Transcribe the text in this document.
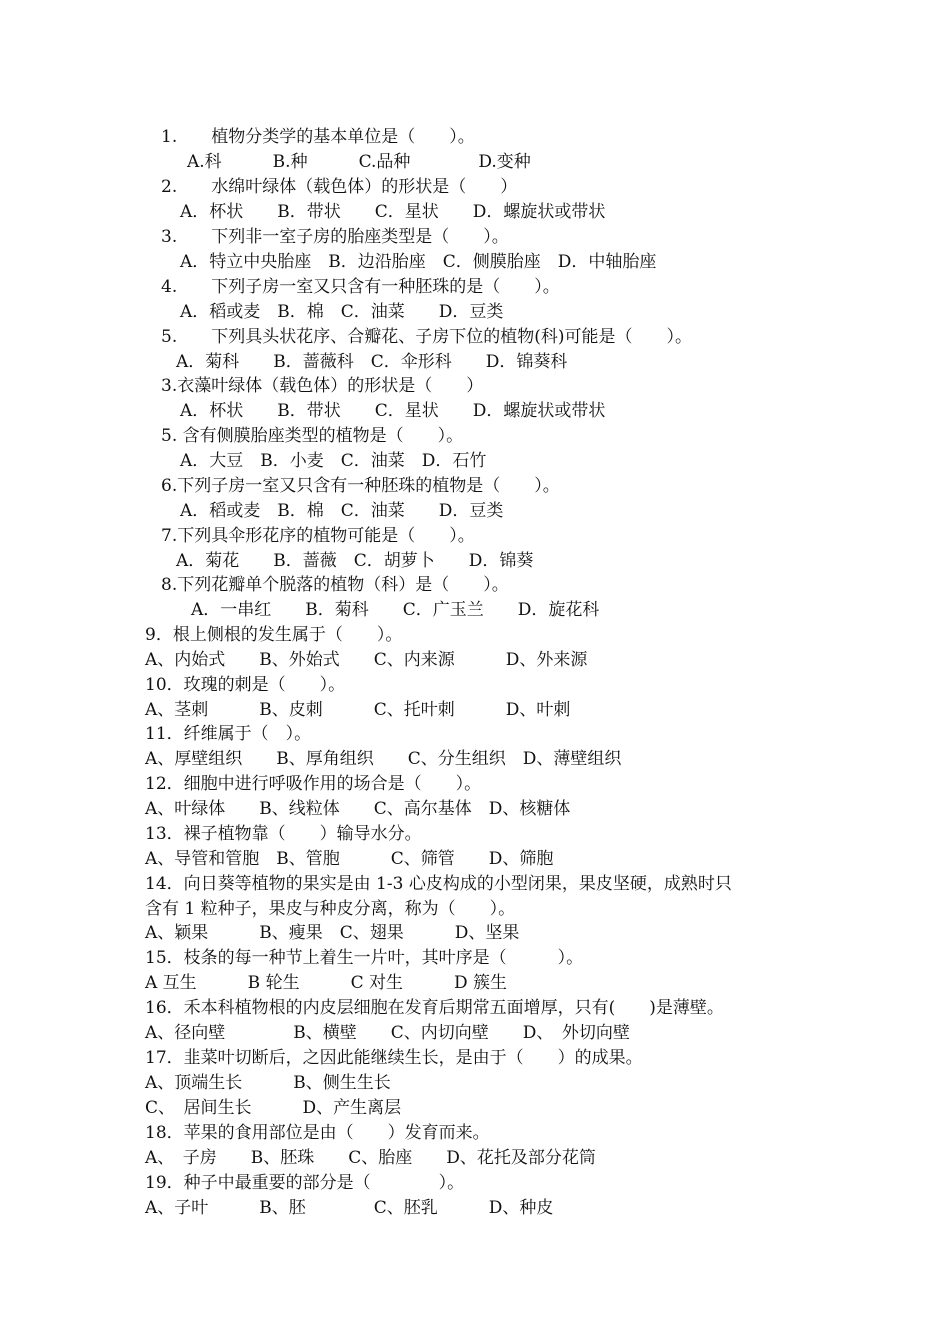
1.　　植物分类学的基本单位是（　　）。
A.科　　　B.种　　　C.品种　　　　D.变种
2.　　水绵叶绿体（载色体）的形状是（　　）
A．杯状　　B．带状　　C．星状　　D．螺旋状或带状
3.　　下列非一室子房的胎座类型是（　　）。
A．特立中央胎座　B．边沿胎座　C．侧膜胎座　D．中轴胎座
4.　　下列子房一室又只含有一种胚珠的是（　　）。
A．稻或麦　B．棉　C．油菜　　D．豆类
5.　　下列具头状花序、合瓣花、子房下位的植物(科)可能是（　　）。
A．菊科　　B．蔷薇科　C．伞形科　　D．锦葵科
3.衣藻叶绿体（载色体）的形状是（　　）
A．杯状　　B．带状　　C．星状　　D．螺旋状或带状
5. 含有侧膜胎座类型的植物是（　　）。
A．大豆　B．小麦　C．油菜　D．石竹
6.下列子房一室又只含有一种胚珠的植物是（　　）。
A．稻或麦　B．棉　C．油菜　　D．豆类
7.下列具伞形花序的植物可能是（　　）。
A．菊花　　B．蔷薇　C．胡萝卜　　D．锦葵
8.下列花瓣单个脱落的植物（科）是（　　）。
A．一串红　　B．菊科　　C．广玉兰　　D．旋花科
9．根上侧根的发生属于（　　）。
A、内始式　　B、外始式　　C、内来源　　　D、外来源
10．玫瑰的刺是（　　）。
A、茎刺　　　B、皮刺　　　C、托叶刺　　　D、叶刺
11．纤维属于（　）。
A、厚壁组织　　B、厚角组织　　C、分生组织　D、薄壁组织
12．细胞中进行呼吸作用的场合是（　　）。
A、叶绿体　　B、线粒体　　C、高尔基体　D、核糖体
13．裸子植物靠（　　）输导水分。
A、导管和管胞　B、管胞　　　C、筛管　　D、筛胞
14．向日葵等植物的果实是由 1-3 心皮构成的小型闭果，果皮坚硬，成熟时只
含有 1 粒种子，果皮与种皮分离，称为（　　）。
A、颖果　　　B、瘦果　C、翅果　　　D、坚果
15．枝条的每一种节上着生一片叶，其叶序是（　　　）。
A 互生　　　B 轮生　　　C 对生　　　D 簇生
16．禾本科植物根的内皮层细胞在发育后期常五面增厚，只有(　　)是薄壁。
A、径向壁　　　　B、横壁　　C、内切向壁　　D、　外切向壁
17．韭菜叶切断后，之因此能继续生长，是由于（　　）的成果。
A、顶端生长　　　B、侧生生长
C、　居间生长　　　D、产生离层
18．苹果的食用部位是由（　　）发育而来。
A、　子房　　B、胚珠　　C、胎座　　D、花托及部分花筒
19．种子中最重要的部分是（　　　　）。
A、子叶　　　B、胚　　　　C、胚乳　　　D、种皮
